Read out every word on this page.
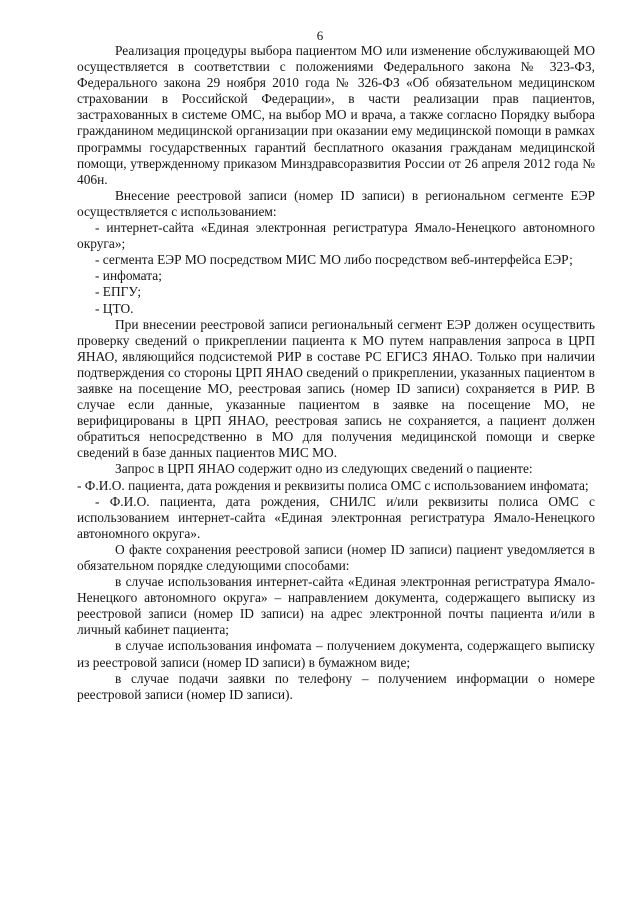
6

Реализация процедуры выбора пациентом МО или изменение обслуживающей МО осуществляется в соответствии с положениями Федерального закона № 323-ФЗ, Федерального закона 29 ноября 2010 года № 326-ФЗ «Об обязательном медицинском страховании в Российской Федерации», в части реализации прав пациентов, застрахованных в системе ОМС, на выбор МО и врача, а также согласно Порядку выбора гражданином медицинской организации при оказании ему медицинской помощи в рамках программы государственных гарантий бесплатного оказания гражданам медицинской помощи, утвержденному приказом Минздравсоразвития России от 26 апреля 2012 года № 406н.

Внесение реестровой записи (номер ID записи) в региональном сегменте ЕЭР осуществляется с использованием:

- интернет-сайта «Единая электронная регистратура Ямало-Ненецкого автономного округа»;

- сегмента ЕЭР МО посредством МИС МО либо посредством веб-интерфейса ЕЭР;

- инфомата;

- ЕПГУ;

- ЦТО.

При внесении реестровой записи региональный сегмент ЕЭР должен осуществить проверку сведений о прикреплении пациента к МО путем направления запроса в ЦРП ЯНАО, являющийся подсистемой РИР в составе РС ЕГИСЗ ЯНАО. Только при наличии подтверждения со стороны ЦРП ЯНАО сведений о прикреплении, указанных пациентом в заявке на посещение МО, реестровая запись (номер ID записи) сохраняется в РИР. В случае если данные, указанные пациентом в заявке на посещение МО, не верифицированы в ЦРП ЯНАО, реестровая запись не сохраняется, а пациент должен обратиться непосредственно в МО для получения медицинской помощи и сверке сведений в базе данных пациентов МИС МО.

Запрос в ЦРП ЯНАО содержит одно из следующих сведений о пациенте:

- Ф.И.О. пациента, дата рождения и реквизиты полиса ОМС с использованием инфомата;

- Ф.И.О. пациента, дата рождения, СНИЛС и/или реквизиты полиса ОМС с использованием интернет-сайта «Единая электронная регистратура Ямало-Ненецкого автономного округа».

О факте сохранения реестровой записи (номер ID записи) пациент уведомляется в обязательном порядке следующими способами:

в случае использования интернет-сайта «Единая электронная регистратура Ямало-Ненецкого автономного округа» – направлением документа, содержащего выписку из реестровой записи (номер ID записи) на адрес электронной почты пациента и/или в личный кабинет пациента;

в случае использования инфомата – получением документа, содержащего выписку из реестровой записи (номер ID записи) в бумажном виде;

в случае подачи заявки по телефону – получением информации о номере реестровой записи (номер ID записи).
